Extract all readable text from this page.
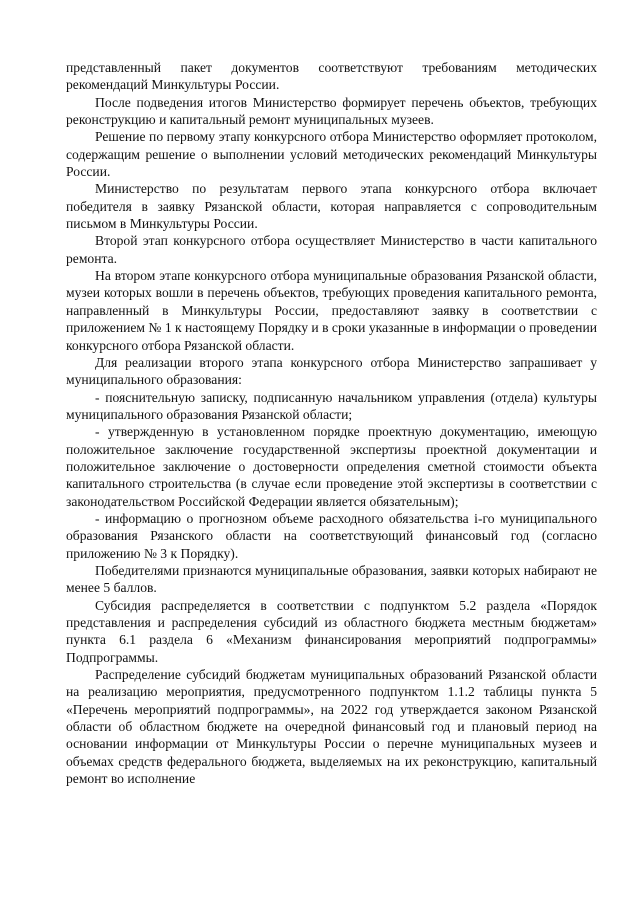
представленный пакет документов соответствуют требованиям методических рекомендаций Минкультуры России.

После подведения итогов Министерство формирует перечень объектов, требующих реконструкцию и капитальный ремонт муниципальных музеев.

Решение по первому этапу конкурсного отбора Министерство оформляет протоколом, содержащим решение о выполнении условий методических рекомендаций Минкультуры России.

Министерство по результатам первого этапа конкурсного отбора включает победителя в заявку Рязанской области, которая направляется с сопроводительным письмом в Минкультуры России.

Второй этап конкурсного отбора осуществляет Министерство в части капитального ремонта.

На втором этапе конкурсного отбора муниципальные образования Рязанской области, музеи которых вошли в перечень объектов, требующих проведения капитального ремонта, направленный в Минкультуры России, предоставляют заявку в соответствии с приложением № 1 к настоящему Порядку и в сроки указанные в информации о проведении конкурсного отбора Рязанской области.

Для реализации второго этапа конкурсного отбора Министерство запрашивает у муниципального образования:

- пояснительную записку, подписанную начальником управления (отдела) культуры муниципального образования Рязанской области;

- утвержденную в установленном порядке проектную документацию, имеющую положительное заключение государственной экспертизы проектной документации и положительное заключение о достоверности определения сметной стоимости объекта капитального строительства (в случае если проведение этой экспертизы в соответствии с законодательством Российской Федерации является обязательным);

- информацию о прогнозном объеме расходного обязательства i-го муниципального образования Рязанского области на соответствующий финансовый год (согласно приложению № 3 к Порядку).

Победителями признаются муниципальные образования, заявки которых набирают не менее 5 баллов.

Субсидия распределяется в соответствии с подпунктом 5.2 раздела «Порядок представления и распределения субсидий из областного бюджета местным бюджетам» пункта 6.1 раздела 6 «Механизм финансирования мероприятий подпрограммы» Подпрограммы.

Распределение субсидий бюджетам муниципальных образований Рязанской области на реализацию мероприятия, предусмотренного подпунктом 1.1.2 таблицы пункта 5 «Перечень мероприятий подпрограммы», на 2022 год утверждается законом Рязанской области об областном бюджете на очередной финансовый год и плановый период на основании информации от Минкультуры России о перечне муниципальных музеев и объемах средств федерального бюджета, выделяемых на их реконструкцию, капитальный ремонт во исполнение
